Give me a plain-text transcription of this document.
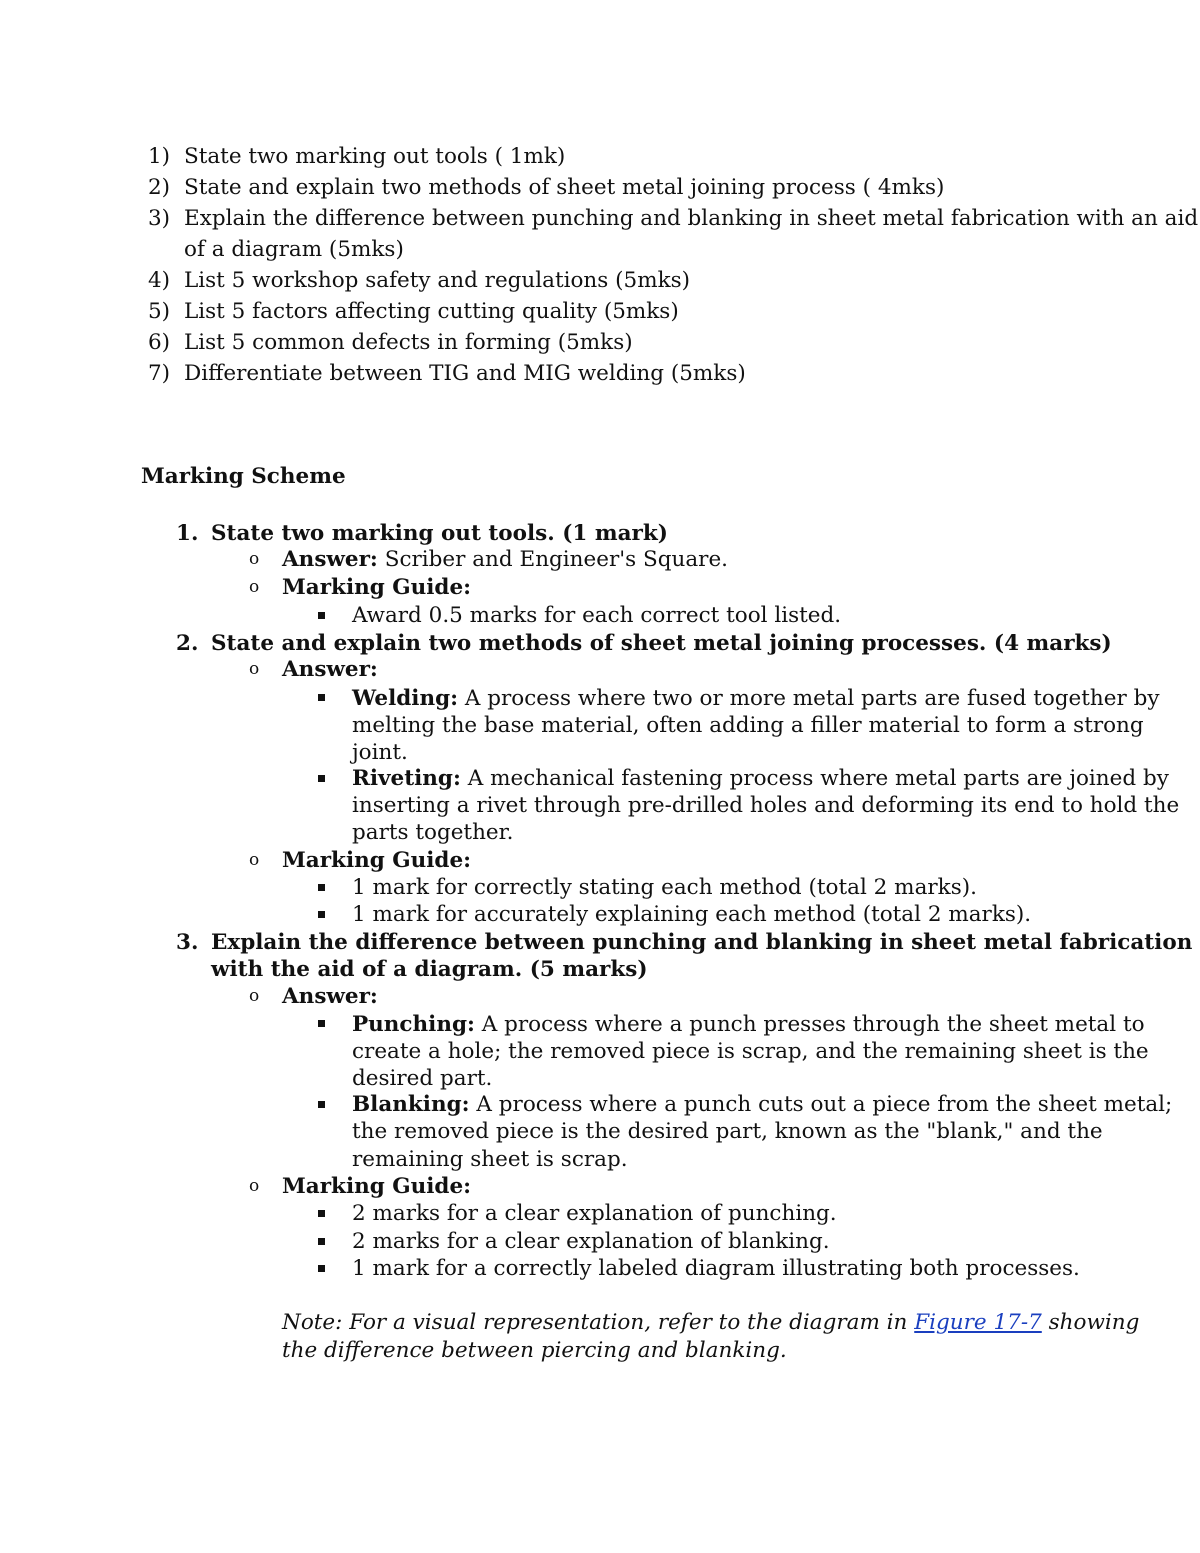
1) State two marking out tools ( 1mk)
2) State and explain two methods of sheet metal joining process ( 4mks)
3) Explain the difference between punching and blanking in sheet metal fabrication with an aid
of a diagram (5mks)
4) List 5 workshop safety and regulations (5mks)
5) List 5 factors affecting cutting quality (5mks)
6) List 5 common defects in forming (5mks)
7) Differentiate between TIG and MIG welding (5mks)
Marking Scheme
1. State two marking out tools. (1 mark)
o Answer: Scriber and Engineer's Square.
o Marking Guide:
Award 0.5 marks for each correct tool listed.
2. State and explain two methods of sheet metal joining processes. (4 marks)
o Answer:
Welding: A process where two or more metal parts are fused together by
melting the base material, often adding a filler material to form a strong
joint.
Riveting: A mechanical fastening process where metal parts are joined by
inserting a rivet through pre-drilled holes and deforming its end to hold the
parts together.
o Marking Guide:
1 mark for correctly stating each method (total 2 marks).
1 mark for accurately explaining each method (total 2 marks).
3. Explain the difference between punching and blanking in sheet metal fabrication
with the aid of a diagram. (5 marks)
o Answer:
Punching: A process where a punch presses through the sheet metal to
create a hole; the removed piece is scrap, and the remaining sheet is the
desired part.
Blanking: A process where a punch cuts out a piece from the sheet metal;
the removed piece is the desired part, known as the "blank," and the
remaining sheet is scrap.
o Marking Guide:
2 marks for a clear explanation of punching.
2 marks for a clear explanation of blanking.
1 mark for a correctly labeled diagram illustrating both processes.
Note: For a visual representation, refer to the diagram in Figure 17-7 showing
the difference between piercing and blanking.
